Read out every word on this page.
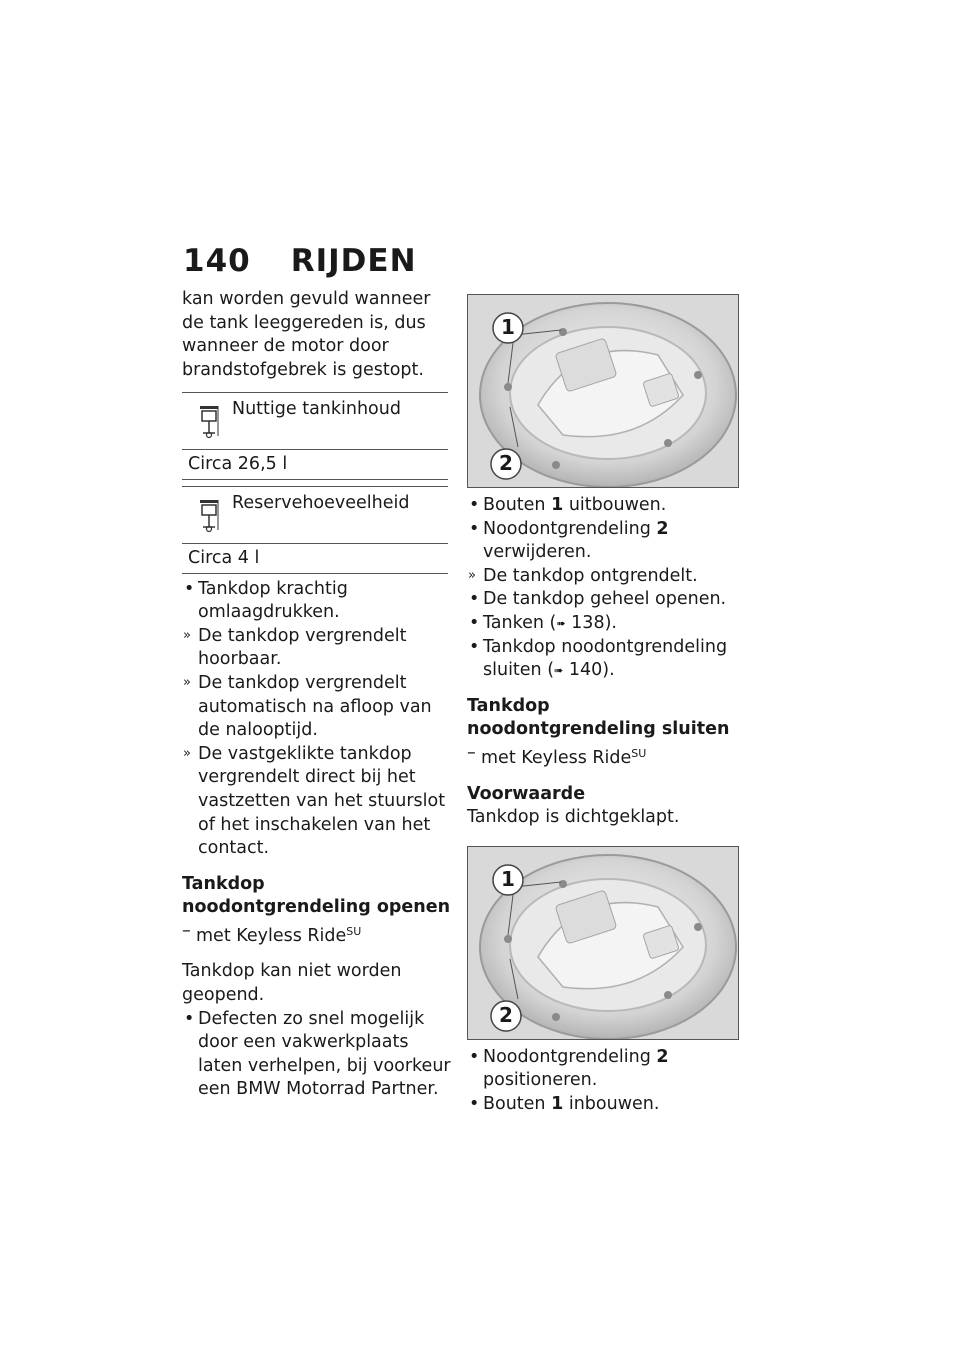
140 RIJDEN

kan worden gevuld wanneer de tank leeggereden is, dus wanneer de motor door brandstofgebrek is gestopt.

Nuttige tankinhoud
Circa 26,5 l
Reservehoeveelheid
Circa 4 l
• Tankdop krachtig omlaagdrukken.
» De tankdop vergrendelt hoorbaar.
» De tankdop vergrendelt automatisch na afloop van de nalooptijd.
» De vastgeklikte tankdop vergrendelt direct bij het vastzetten van het stuurslot of het inschakelen van het contact.

Tankdop noodontgrendeling openen

– met Keyless Ride$^{SU}$

Tankdop kan niet worden geopend.

• Defecten zo snel mogelijk door een vakwerkplaats laten verhelpen, bij voorkeur een BMW Motorrad Partner.
1
2
• Bouten 1 uitbouwen.
• Noodontgrendeling 2 verwijderen.
» De tankdop ontgrendelt.
• De tankdop geheel openen.
• Tanken (➠ 138).
• Tankdop noodontgrendeling sluiten (➠ 140).

Tankdop noodontgrendeling sluiten

– met Keyless Ride$^{SU}$

Voorwaarde

Tankdop is dichtgeklapt.

1
2
• Noodontgrendeling 2 positioneren.
• Bouten 1 inbouwen.
